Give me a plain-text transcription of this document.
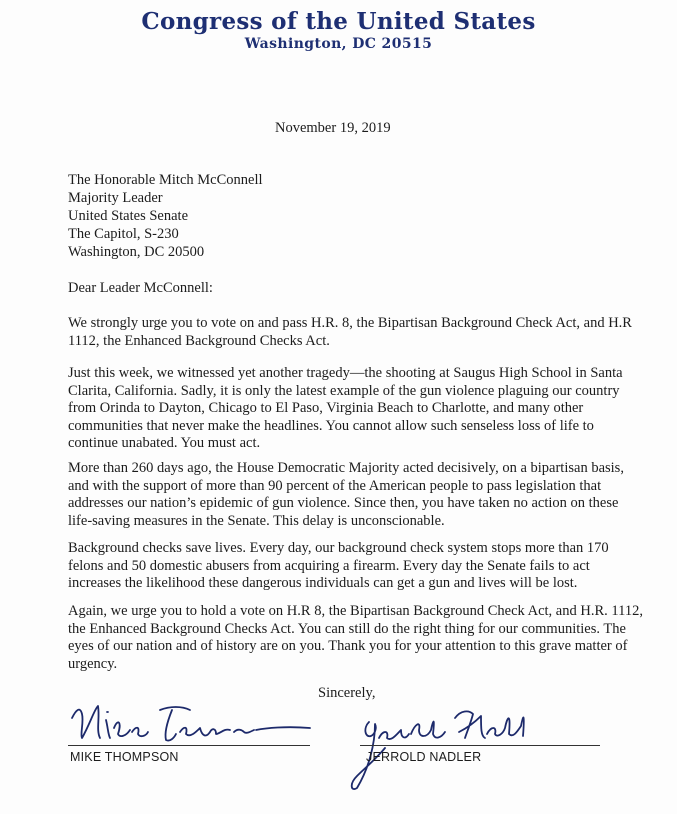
Congress of the United States
Washington, DC 20515
November 19, 2019
The Honorable Mitch McConnell
Majority Leader
United States Senate
The Capitol, S-230
Washington, DC 20500
Dear Leader McConnell:
We strongly urge you to vote on and pass H.R. 8, the Bipartisan Background Check Act, and H.R 1112, the Enhanced Background Checks Act.
Just this week, we witnessed yet another tragedy—the shooting at Saugus High School in Santa Clarita, California. Sadly, it is only the latest example of the gun violence plaguing our country from Orinda to Dayton, Chicago to El Paso, Virginia Beach to Charlotte, and many other communities that never make the headlines. You cannot allow such senseless loss of life to continue unabated. You must act.
More than 260 days ago, the House Democratic Majority acted decisively, on a bipartisan basis, and with the support of more than 90 percent of the American people to pass legislation that addresses our nation’s epidemic of gun violence. Since then, you have taken no action on these life-saving measures in the Senate. This delay is unconscionable.
Background checks save lives. Every day, our background check system stops more than 170 felons and 50 domestic abusers from acquiring a firearm. Every day the Senate fails to act increases the likelihood these dangerous individuals can get a gun and lives will be lost.
Again, we urge you to hold a vote on H.R 8, the Bipartisan Background Check Act, and H.R. 1112, the Enhanced Background Checks Act. You can still do the right thing for our communities. The eyes of our nation and of history are on you. Thank you for your attention to this grave matter of urgency.
Sincerely,
MIKE THOMPSON	JERROLD NADLER
